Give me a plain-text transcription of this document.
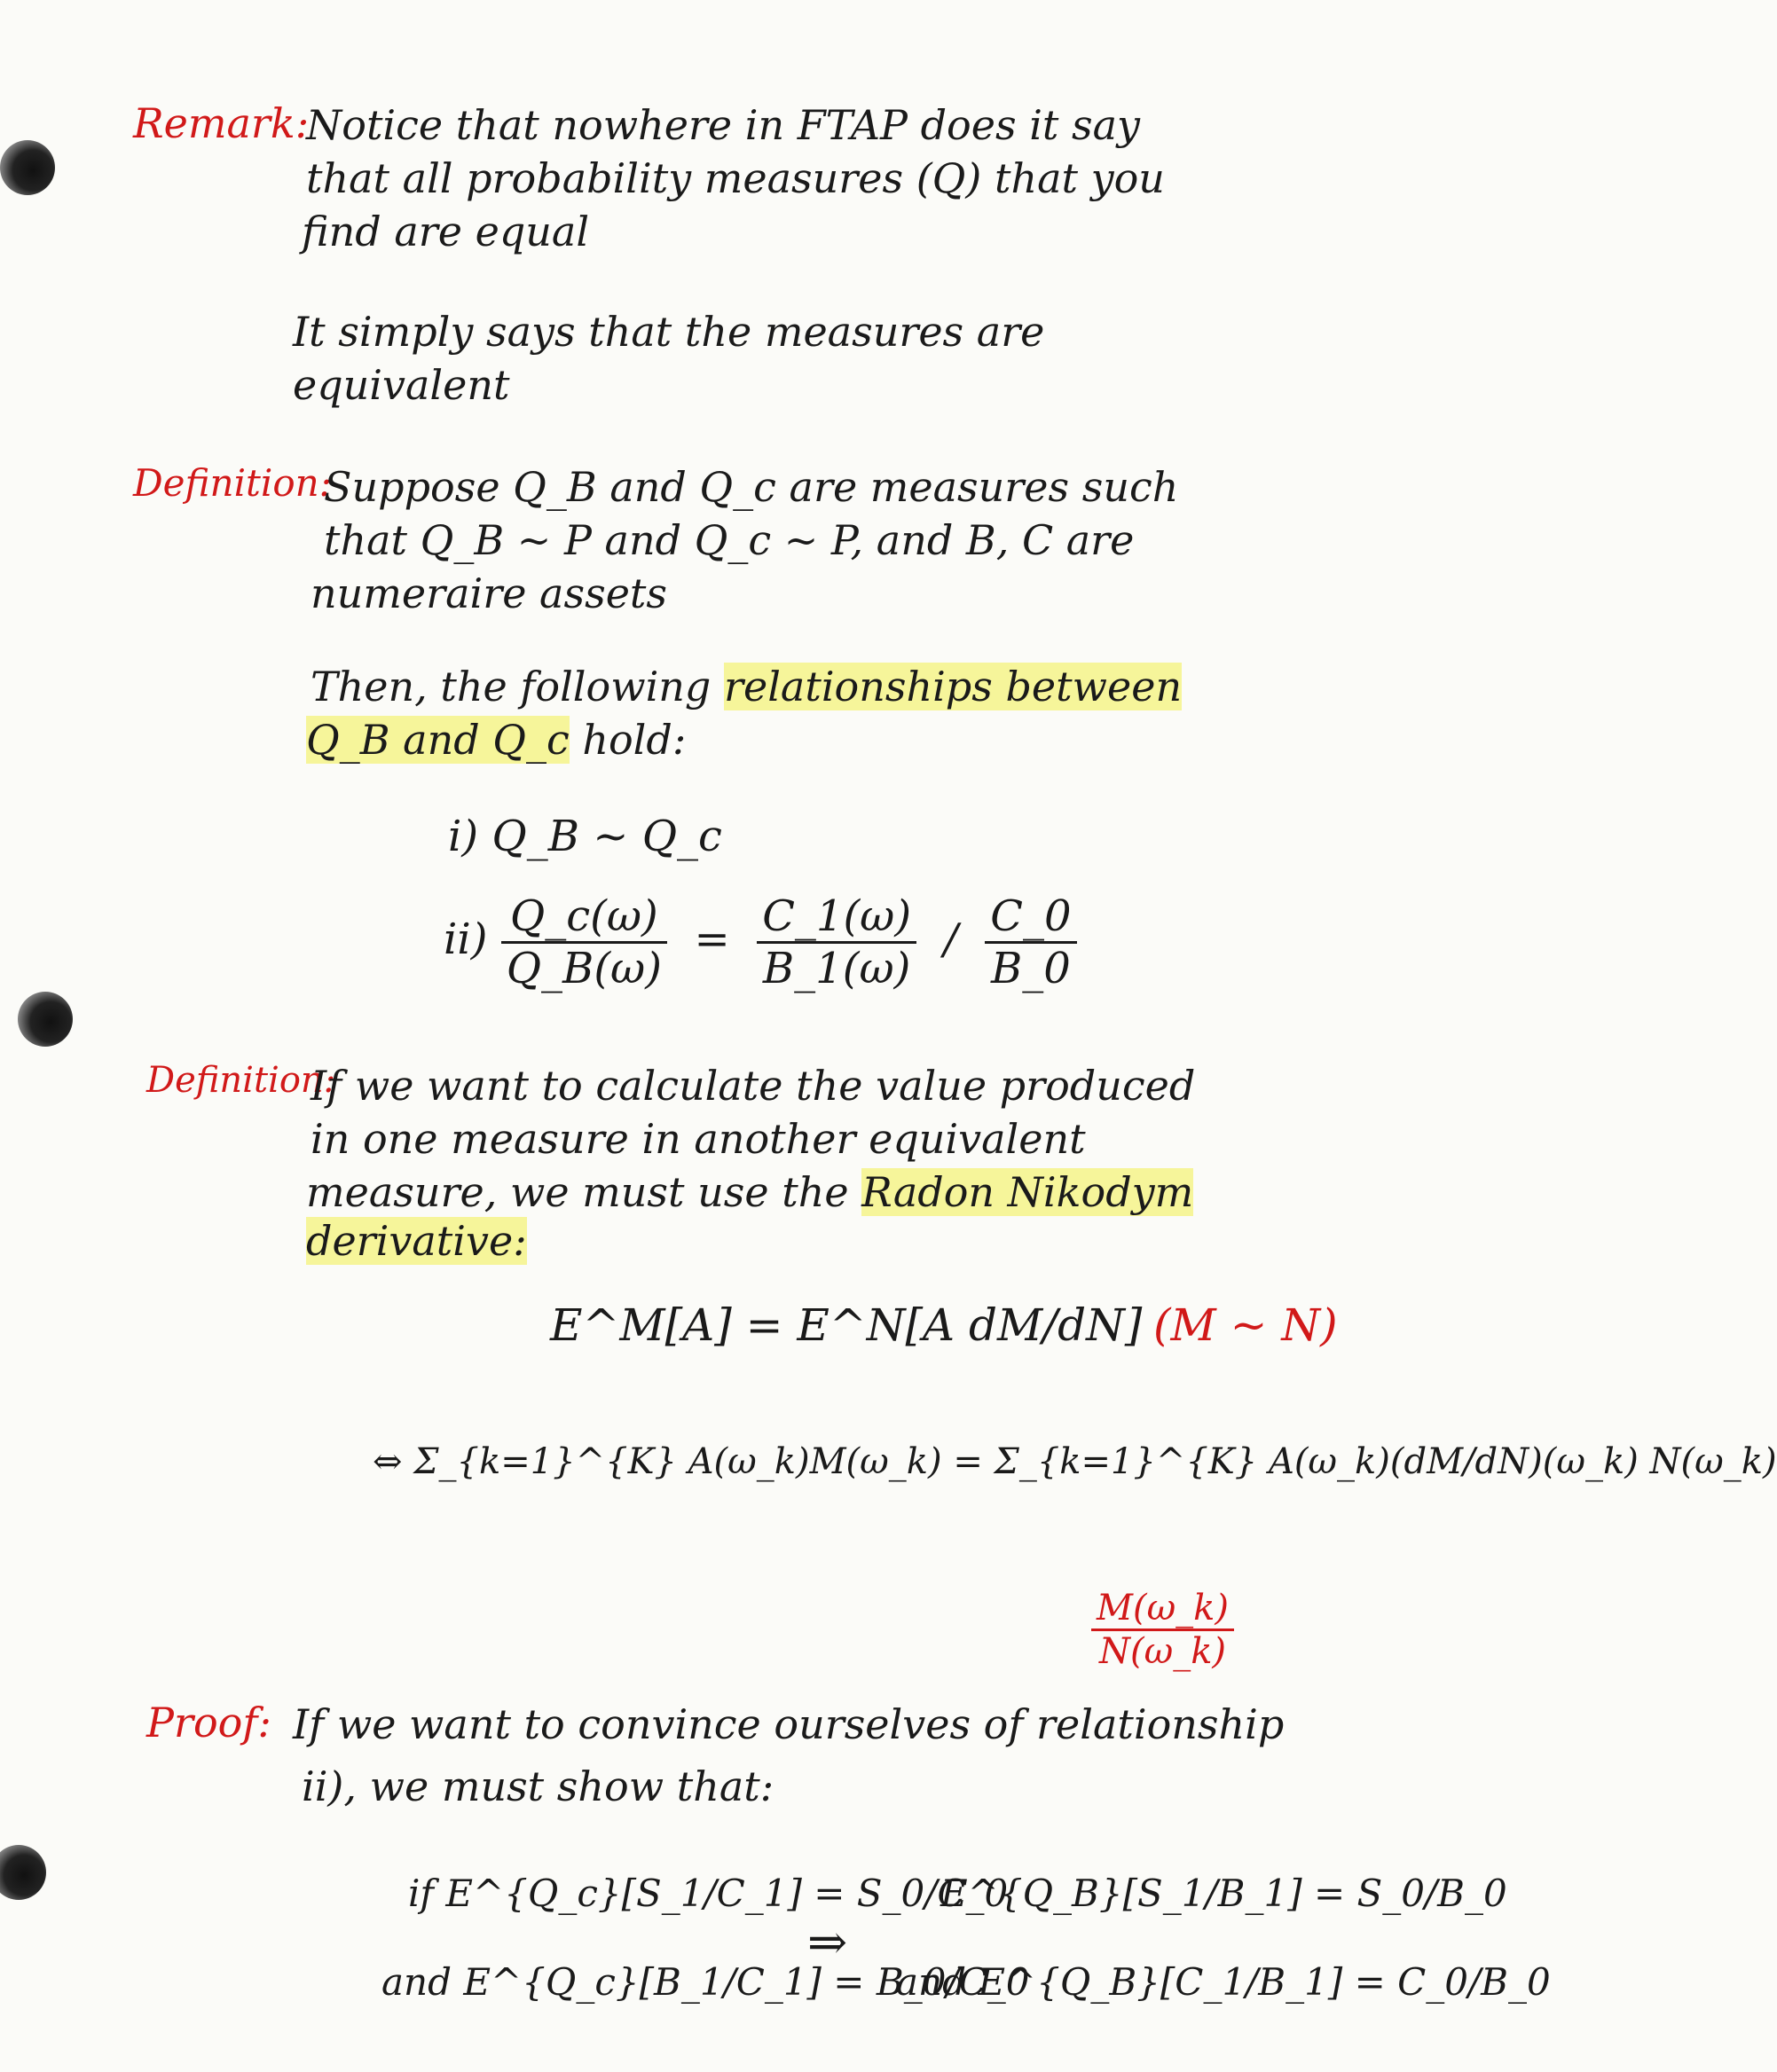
Remark:
Notice that nowhere in FTAP does it say
that all probability measures (Q) that you
find are equal
It simply says that the measures are
equivalent
Definition:
Suppose Q_B and Q_c are measures such
that Q_B ~ P and Q_c ~ P, and B, C are
numeraire assets
Then, the following relationships between
Q_B and Q_c hold:
i) Q_B ~ Q_c
$ii) \frac{Q\_c(\omega)}{Q\_B(\omega)} = \frac{C\_1(\omega)}{B\_1(\omega)} / \frac{C\_0}{B\_0}$
Definition:
If we want to calculate the value produced
in one measure in another equivalent
measure, we must use the Radon Nikodym
derivative:
E^M[A] = E^N[A dM/dN] (M ~ N)
⇔ Σ_{k=1}^{K} A(ω_k)M(ω_k) = Σ_{k=1}^{K} A(ω_k)(dM/dN)(ω_k) N(ω_k)
$\frac{M(\omega\_k)}{N(\omega\_k)}$
Proof: If we want to convince ourselves of relationship
ii), we must show that:
if E^{Q_c}[S_1/C_1] = S_0/C_0
and E^{Q_c}[B_1/C_1] = B_0/C_0
⇒
E^{Q_B}[S_1/B_1] = S_0/B_0
and E^{Q_B}[C_1/B_1] = C_0/B_0
